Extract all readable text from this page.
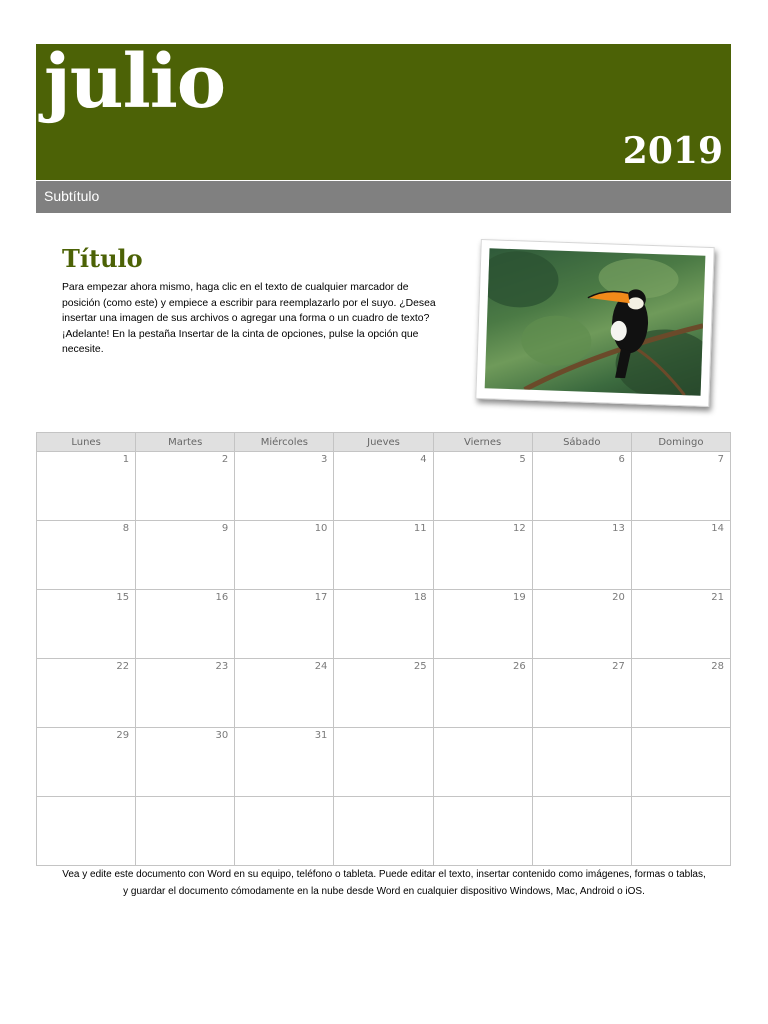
julio
2019
Subtítulo
Título
Para empezar ahora mismo, haga clic en el texto de cualquier marcador de posición (como este) y empiece a escribir para reemplazarlo por el suyo. ¿Desea insertar una imagen de sus archivos o agregar una forma o un cuadro de texto? ¡Adelante! En la pestaña Insertar de la cinta de opciones, pulse la opción que necesite.
Lunes	Martes	Miércoles	Jueves	Viernes	Sábado	Domingo
1	2	3	4	5	6	7
8	9	10	11	12	13	14
15	16	17	18	19	20	21
22	23	24	25	26	27	28
29	30	31				

Vea y edite este documento con Word en su equipo, teléfono o tableta. Puede editar el texto, insertar contenido como imágenes, formas o tablas,
y guardar el documento cómodamente en la nube desde Word en cualquier dispositivo Windows, Mac, Android o iOS.
